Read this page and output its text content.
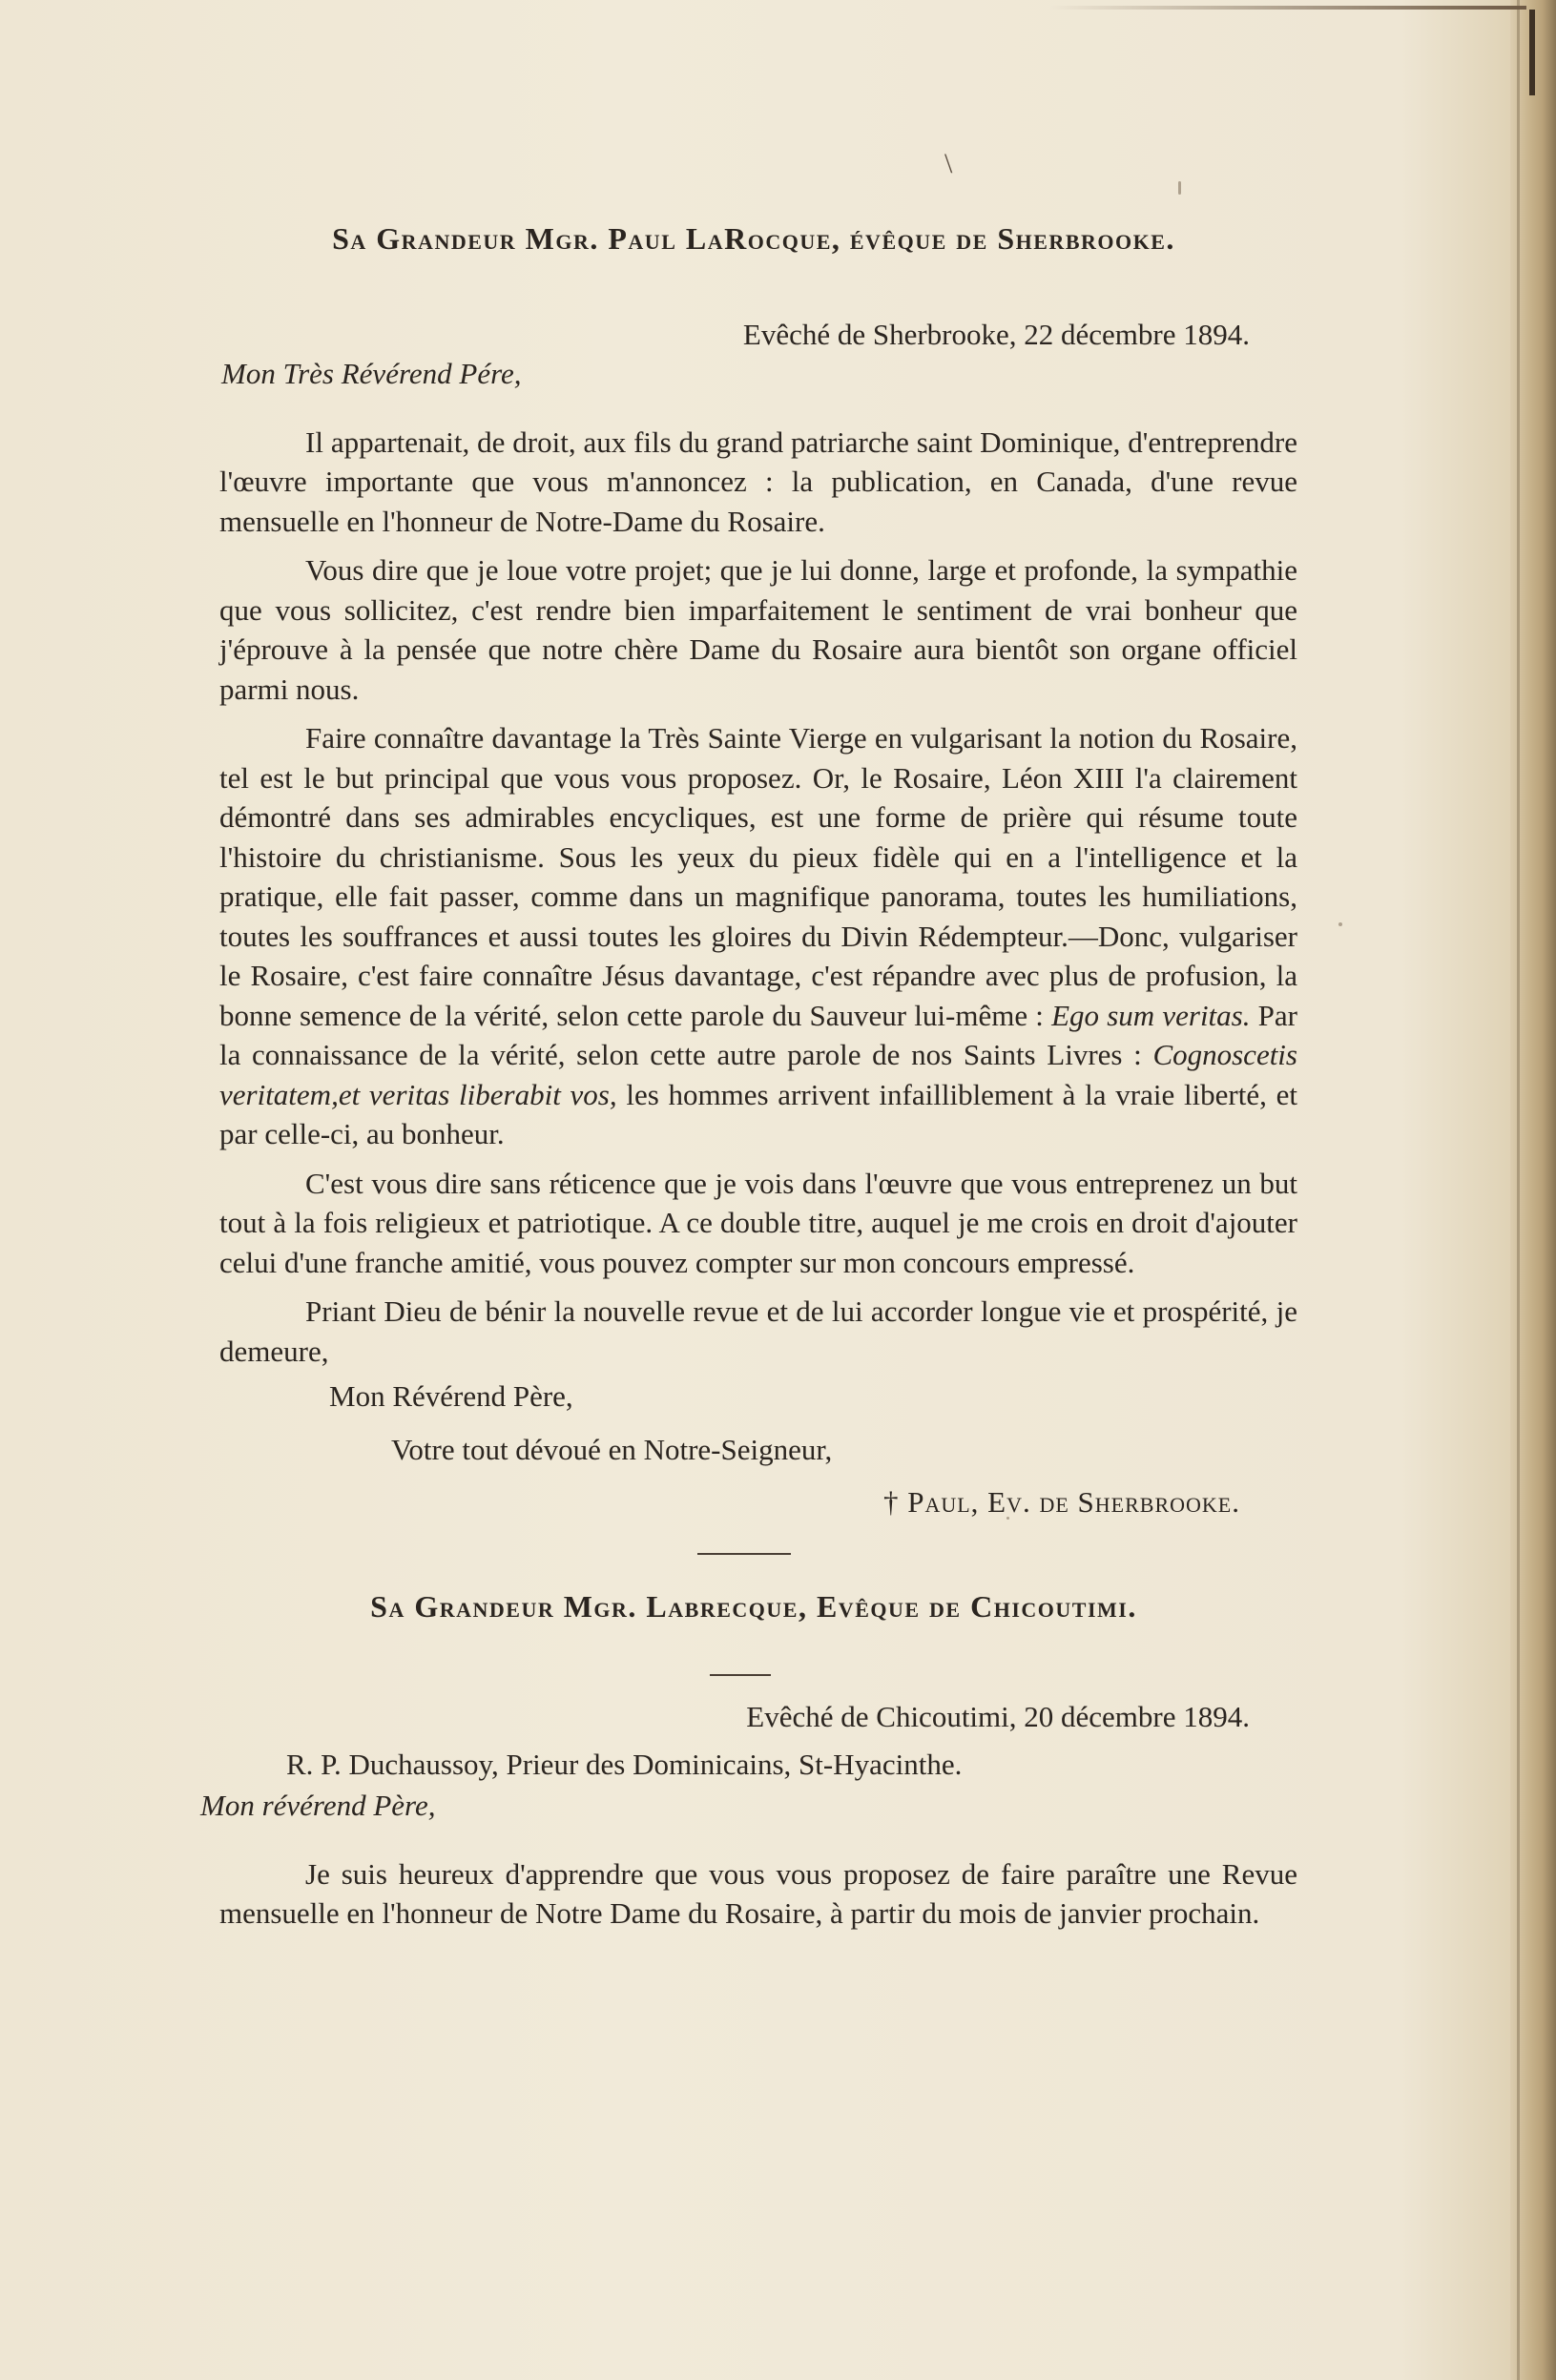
\
Sa Grandeur Mgr. Paul LaRocque, évêque de Sherbrooke.

Evêché de Sherbrooke, 22 décembre 1894.

Mon Très Révérend Pére,

Il appartenait, de droit, aux fils du grand patriarche saint Dominique, d'entreprendre l'œuvre importante que vous m'annoncez : la publication, en Canada, d'une revue mensuelle en l'honneur de Notre-Dame du Rosaire.

Vous dire que je loue votre projet; que je lui donne, large et profonde, la sympathie que vous sollicitez, c'est rendre bien imparfaitement le sentiment de vrai bonheur que j'éprouve à la pensée que notre chère Dame du Rosaire aura bientôt son organe officiel parmi nous.

Faire connaître davantage la Très Sainte Vierge en vulgarisant la notion du Rosaire, tel est le but principal que vous vous proposez. Or, le Rosaire, Léon XIII l'a clairement démontré dans ses admirables encycliques, est une forme de prière qui résume toute l'histoire du christianisme. Sous les yeux du pieux fidèle qui en a l'intelligence et la pratique, elle fait passer, comme dans un magnifique panorama, toutes les humiliations, toutes les souffrances et aussi toutes les gloires du Divin Rédempteur.—Donc, vulgariser le Rosaire, c'est faire connaître Jésus davantage, c'est répandre avec plus de profusion, la bonne semence de la vérité, selon cette parole du Sauveur lui-même : Ego sum veritas. Par la connaissance de la vérité, selon cette autre parole de nos Saints Livres : Cognoscetis veritatem,et veritas liberabit vos, les hommes arrivent infailliblement à la vraie liberté, et par celle-ci, au bonheur.

C'est vous dire sans réticence que je vois dans l'œuvre que vous entreprenez un but tout à la fois religieux et patriotique. A ce double titre, auquel je me crois en droit d'ajouter celui d'une franche amitié, vous pouvez compter sur mon concours empressé.

Priant Dieu de bénir la nouvelle revue et de lui accorder longue vie et prospérité, je demeure,

Mon Révérend Père,

Votre tout dévoué en Notre-Seigneur,

† Paul, Ev. de Sherbrooke.

Sa Grandeur Mgr. Labrecque, Evêque de Chicoutimi.

Evêché de Chicoutimi, 20 décembre 1894.

R. P. Duchaussoy, Prieur des Dominicains, St-Hyacinthe.

Mon révérend Père,

Je suis heureux d'apprendre que vous vous proposez de faire paraître une Revue mensuelle en l'honneur de Notre Dame du Rosaire, à partir du mois de janvier prochain.
